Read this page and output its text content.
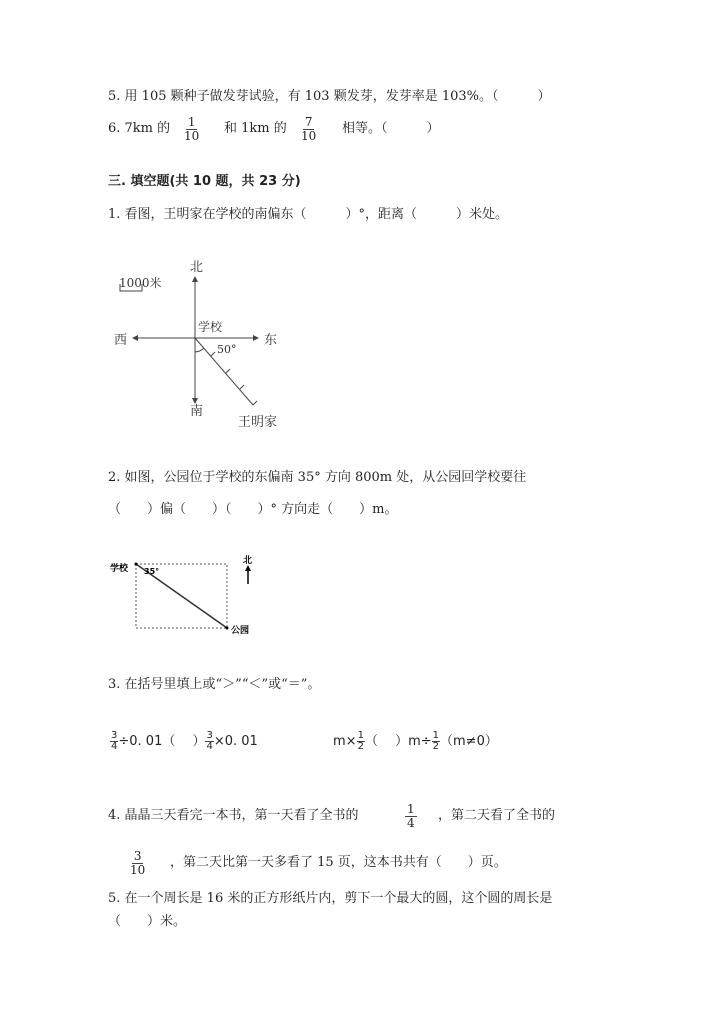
5. 用 105 颗种子做发芽试验，有 103 颗发芽，发芽率是 103%。（　　　）
6. 7km 的 $\frac{1}{10}$ 和 1km 的 $\frac{7}{10}$ 相等。（　　　）
三. 填空题(共 10 题，共 23 分)
1. 看图，王明家在学校的南偏东（　　　）°，距离（　　　）米处。
北
南
东
西
学校
1000米
50°
王明家
2. 如图，公园位于学校的东偏南 35° 方向 800m 处，从公园回学校要往
（　　）偏（　　）（　　）° 方向走（　　）m。
学校 35°
公园
北
3. 在括号里填上或“＞”“＜”或“＝”。
$\frac{3}{4} \div 0$. 01（　 ） $\frac{3}{4} \times 0$. 01	$m\times \frac{1}{2}$ （　 ）$m\div \frac{1}{2} (m\ne 0)$
4. 晶晶三天看完一本书，第一天看了全书的	$\frac{1}{4}$ ，第二天看了全书的
$\frac{3}{10}$ ，第二天比第一天多看了 15 页，这本书共有（　　）页。
5. 在一个周长是 16 米的正方形纸片内，剪下一个最大的圆，这个圆的周长是
（　　）米。
